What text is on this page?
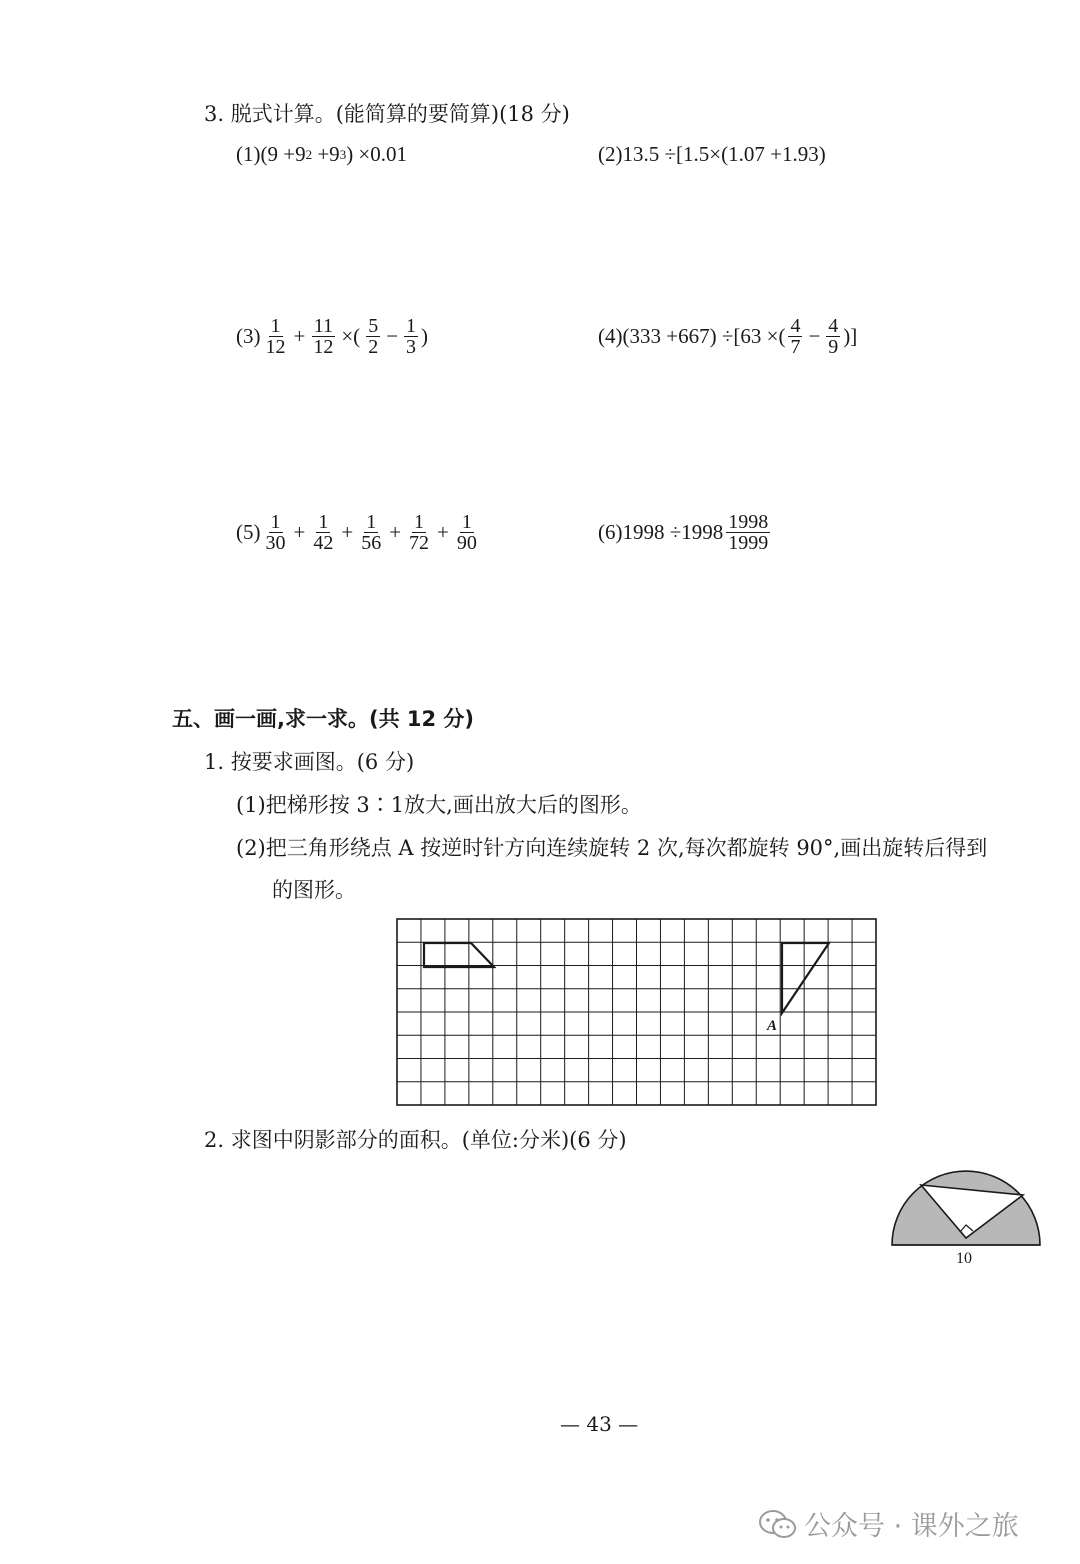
3. 脱式计算。(能简算的要简算)(18 分)
(1) (9 +9 2 +9 3 ) ×0.01	(2) 13.5 ÷[1.5×(1.07 +1.93)
$(3) \frac{1}{12} + \frac{11}{12}$ ×( $\frac{5}{2} - \frac{1}{3}$ )	(4) (333 +667) ÷[63 ×( $\frac{4}{7} - \frac{4}{9}$ )]
$(5) \frac{1}{30} + \frac{1}{42} + \frac{1}{56} + \frac{1}{72} + \frac{1}{90}$	(6) $1998 \div 1998 \frac{1998}{1999}$
五、画一画,求一求。(共 12 分)
1. 按要求画图。(6 分)
(1)把梯形按 3∶1放大,画出放大后的图形。
(2)把三角形绕点 A 按逆时针方向连续旋转 2 次,每次都旋转 90°,画出旋转后得到
的图形。
A
2. 求图中阴影部分的面积。(单位:分米)(6 分)
10
— 43 —
公众号 · 课外之旅
